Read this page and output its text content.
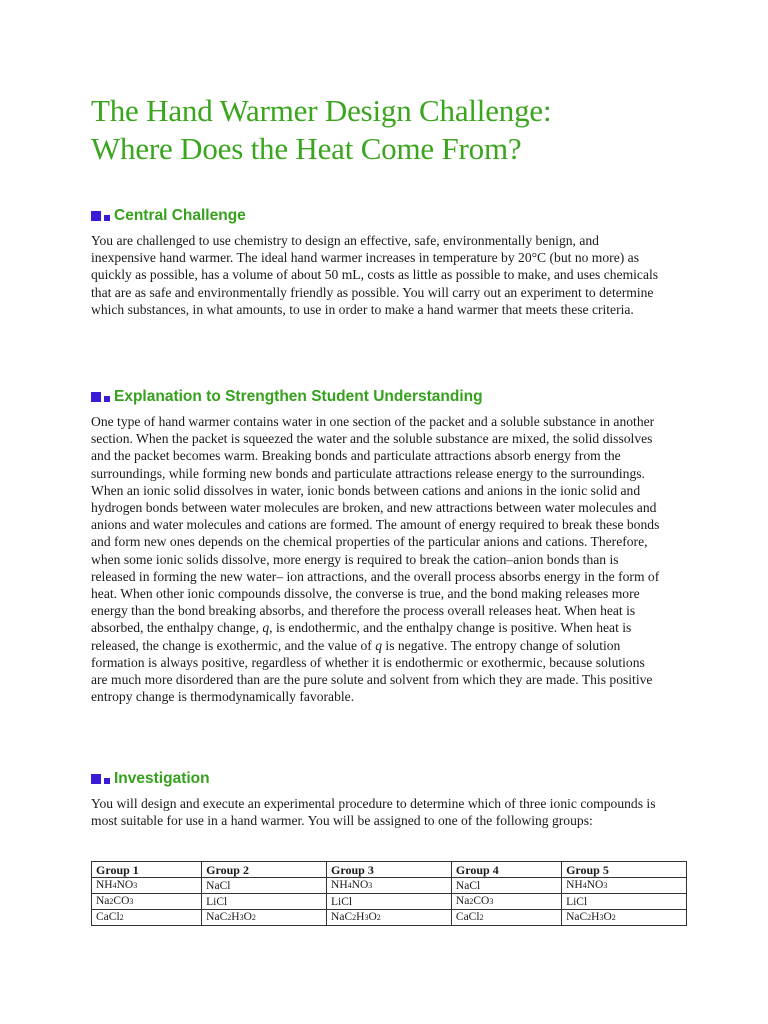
The Hand Warmer Design Challenge:
Where Does the Heat Come From?
Central Challenge

You are challenged to use chemistry to design an effective, safe, environmentally benign, and inexpensive hand warmer. The ideal hand warmer increases in temperature by 20°C (but no more) as quickly as possible, has a volume of about 50 mL, costs as little as possible to make, and uses chemicals that are as safe and environmentally friendly as possible. You will carry out an experiment to determine which substances, in what amounts, to use in order to make a hand warmer that meets these criteria.

Explanation to Strengthen Student Understanding

One type of hand warmer contains water in one section of the packet and a soluble substance in another section. When the packet is squeezed the water and the soluble substance are mixed, the solid dissolves and the packet becomes warm. Breaking bonds and particulate attractions absorb energy from the surroundings, while forming new bonds and particulate attractions release energy to the surroundings. When an ionic solid dissolves in water, ionic bonds between cations and anions in the ionic solid and hydrogen bonds between water molecules are broken, and new attractions between water molecules and anions and water molecules and cations are formed. The amount of energy required to break these bonds and form new ones depends on the chemical properties of the particular anions and cations. Therefore, when some ionic solids dissolve, more energy is required to break the cation–anion bonds than is released in forming the new water– ion attractions, and the overall process absorbs energy in the form of heat. When other ionic compounds dissolve, the converse is true, and the bond making releases more energy than the bond breaking absorbs, and therefore the process overall releases heat. When heat is absorbed, the enthalpy change, q, is endothermic, and the enthalpy change is positive. When heat is released, the change is exothermic, and the value of q is negative. The entropy change of solution formation is always positive, regardless of whether it is endothermic or exothermic, because solutions are much more disordered than are the pure solute and solvent from which they are made. This positive entropy change is thermodynamically favorable.

Investigation

You will design and execute an experimental procedure to determine which of three ionic compounds is most suitable for use in a hand warmer. You will be assigned to one of the following groups:

Group 1	Group 2	Group 3	Group 4	Group 5
NH4NO3	NaCl	NH4NO3	NaCl	NH4NO3
Na2CO3	LiCl	LiCl	Na2CO3	LiCl
CaCl2	NaC2H3O2	NaC2H3O2	CaCl2	NaC2H3O2
